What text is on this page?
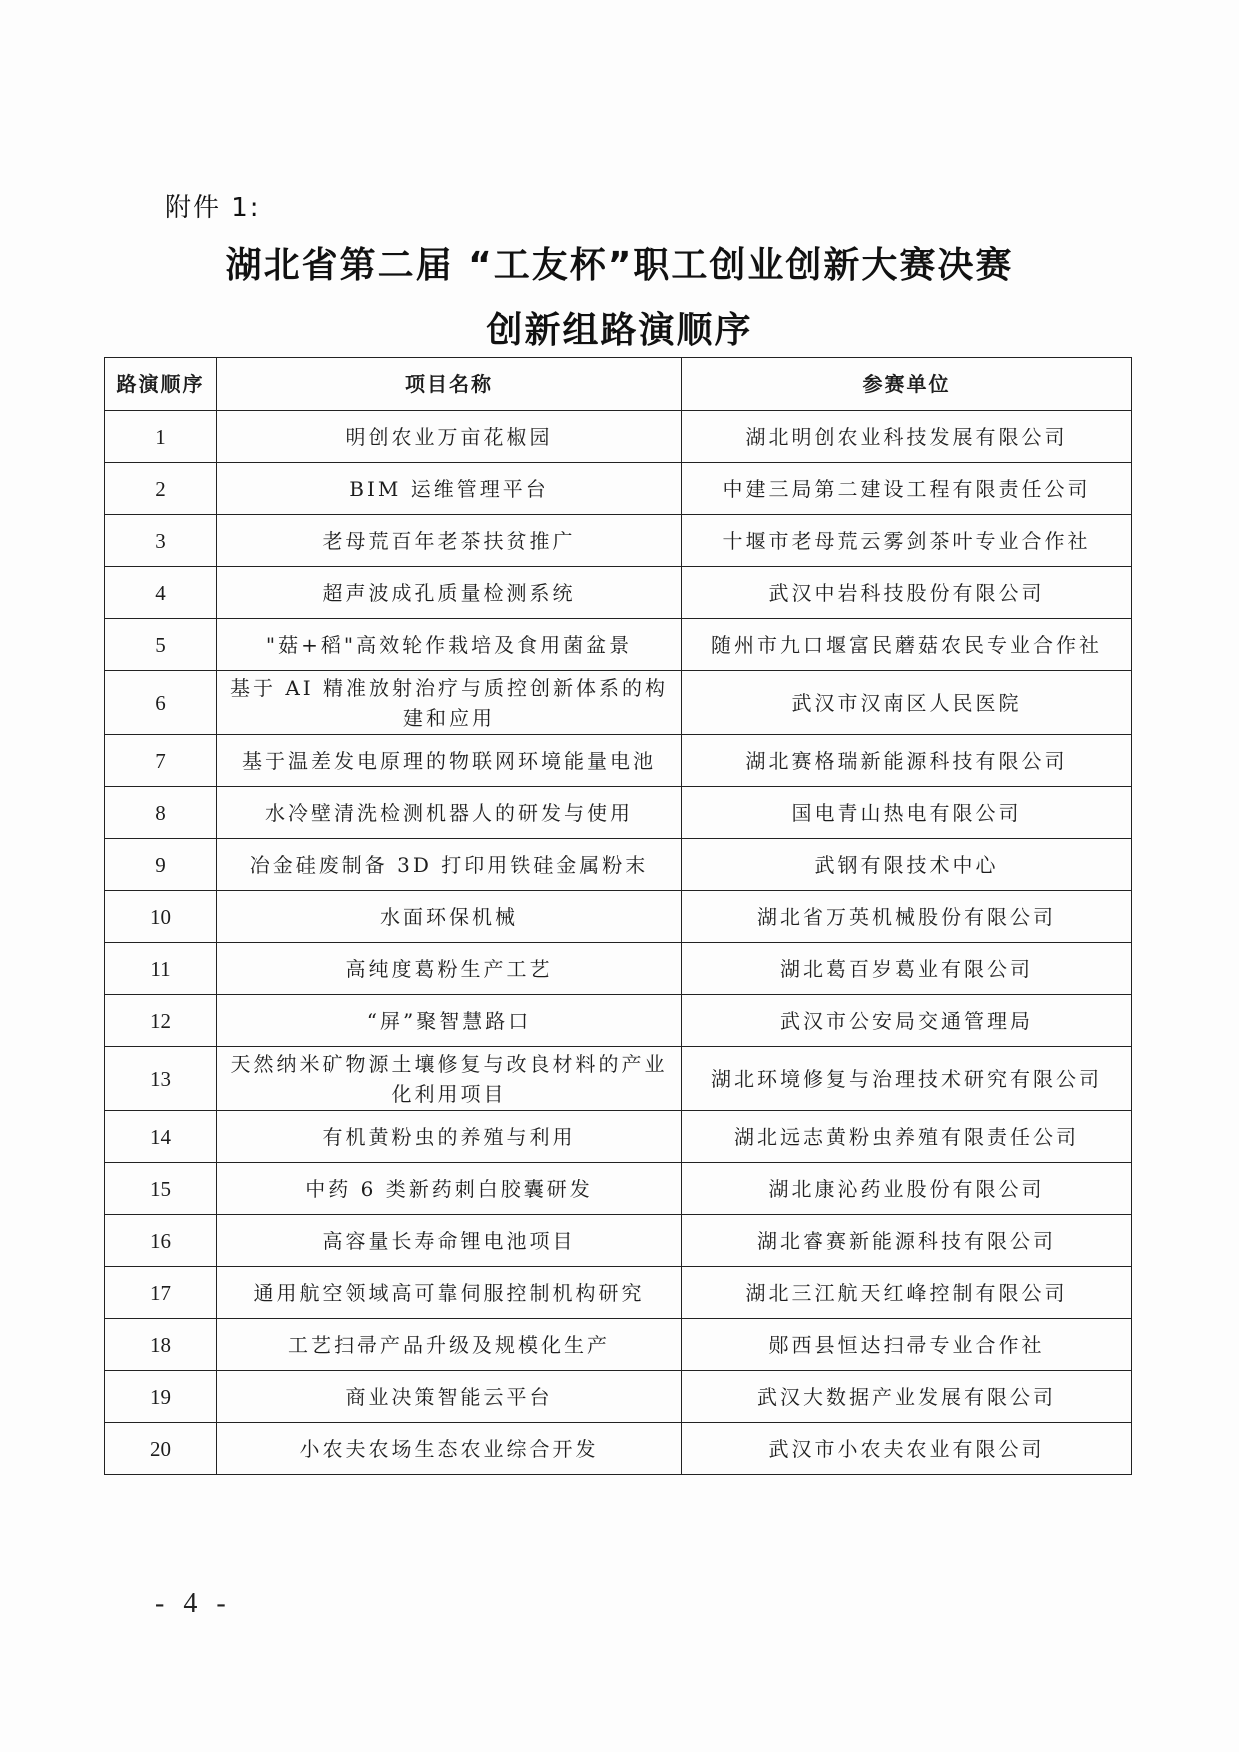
附件 1:
湖北省第二届 “工友杯”职工创业创新大赛决赛
创新组路演顺序
路演顺序	项目名称	参赛单位
1	明创农业万亩花椒园	湖北明创农业科技发展有限公司
2	BIM 运维管理平台	中建三局第二建设工程有限责任公司
3	老母荒百年老茶扶贫推广	十堰市老母荒云雾剑茶叶专业合作社
4	超声波成孔质量检测系统	武汉中岩科技股份有限公司
5	"菇+稻"高效轮作栽培及食用菌盆景	随州市九口堰富民蘑菇农民专业合作社
6	基于 AI 精准放射治疗与质控创新体系的构建和应用	武汉市汉南区人民医院
7	基于温差发电原理的物联网环境能量电池	湖北赛格瑞新能源科技有限公司
8	水冷壁清洗检测机器人的研发与使用	国电青山热电有限公司
9	冶金硅废制备 3D 打印用铁硅金属粉末	武钢有限技术中心
10	水面环保机械	湖北省万英机械股份有限公司
11	高纯度葛粉生产工艺	湖北葛百岁葛业有限公司
12	“屏”聚智慧路口	武汉市公安局交通管理局
13	天然纳米矿物源土壤修复与改良材料的产业化利用项目	湖北环境修复与治理技术研究有限公司
14	有机黄粉虫的养殖与利用	湖北远志黄粉虫养殖有限责任公司
15	中药 6 类新药刺白胶囊研发	湖北康沁药业股份有限公司
16	高容量长寿命锂电池项目	湖北睿赛新能源科技有限公司
17	通用航空领域高可靠伺服控制机构研究	湖北三江航天红峰控制有限公司
18	工艺扫帚产品升级及规模化生产	郧西县恒达扫帚专业合作社
19	商业决策智能云平台	武汉大数据产业发展有限公司
20	小农夫农场生态农业综合开发	武汉市小农夫农业有限公司
- 4 -
